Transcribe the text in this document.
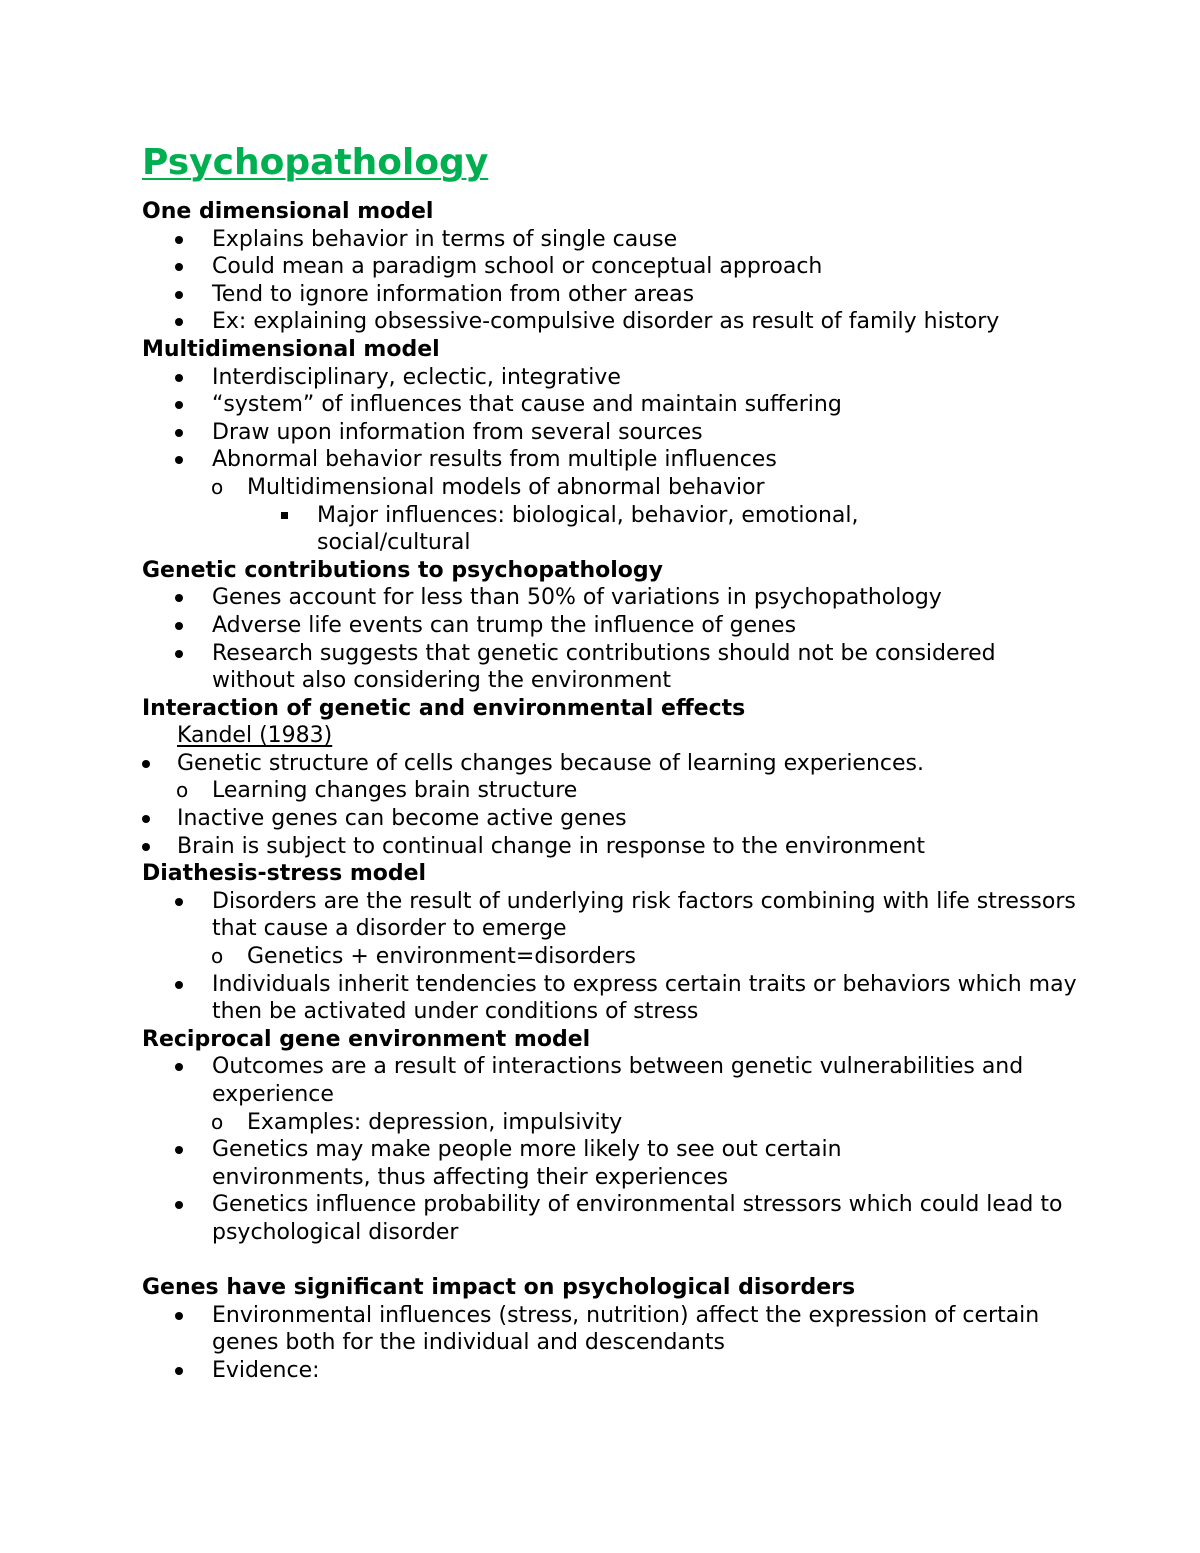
Psychopathology
One dimensional model
Explains behavior in terms of single cause
Could mean a paradigm school or conceptual approach
Tend to ignore information from other areas
Ex: explaining obsessive-compulsive disorder as result of family history
Multidimensional model
Interdisciplinary, eclectic, integrative
“system” of influences that cause and maintain suffering
Draw upon information from several sources
Abnormal behavior results from multiple influences
o Multidimensional models of abnormal behavior
Major influences: biological, behavior, emotional, social/cultural
Genetic contributions to psychopathology
Genes account for less than 50% of variations in psychopathology
Adverse life events can trump the influence of genes
Research suggests that genetic contributions should not be considered without also considering the environment
Interaction of genetic and environmental effects
Kandel (1983)
Genetic structure of cells changes because of learning experiences.
o Learning changes brain structure
Inactive genes can become active genes
Brain is subject to continual change in response to the environment
Diathesis-stress model
Disorders are the result of underlying risk factors combining with life stressors that cause a disorder to emerge
o Genetics + environment=disorders
Individuals inherit tendencies to express certain traits or behaviors which may then be activated under conditions of stress
Reciprocal gene environment model
Outcomes are a result of interactions between genetic vulnerabilities and experience
o Examples: depression, impulsivity
Genetics may make people more likely to see out certain environments, thus affecting their experiences
Genetics influence probability of environmental stressors which could lead to psychological disorder
Genes have significant impact on psychological disorders
Environmental influences (stress, nutrition) affect the expression of certain genes both for the individual and descendants
Evidence:
